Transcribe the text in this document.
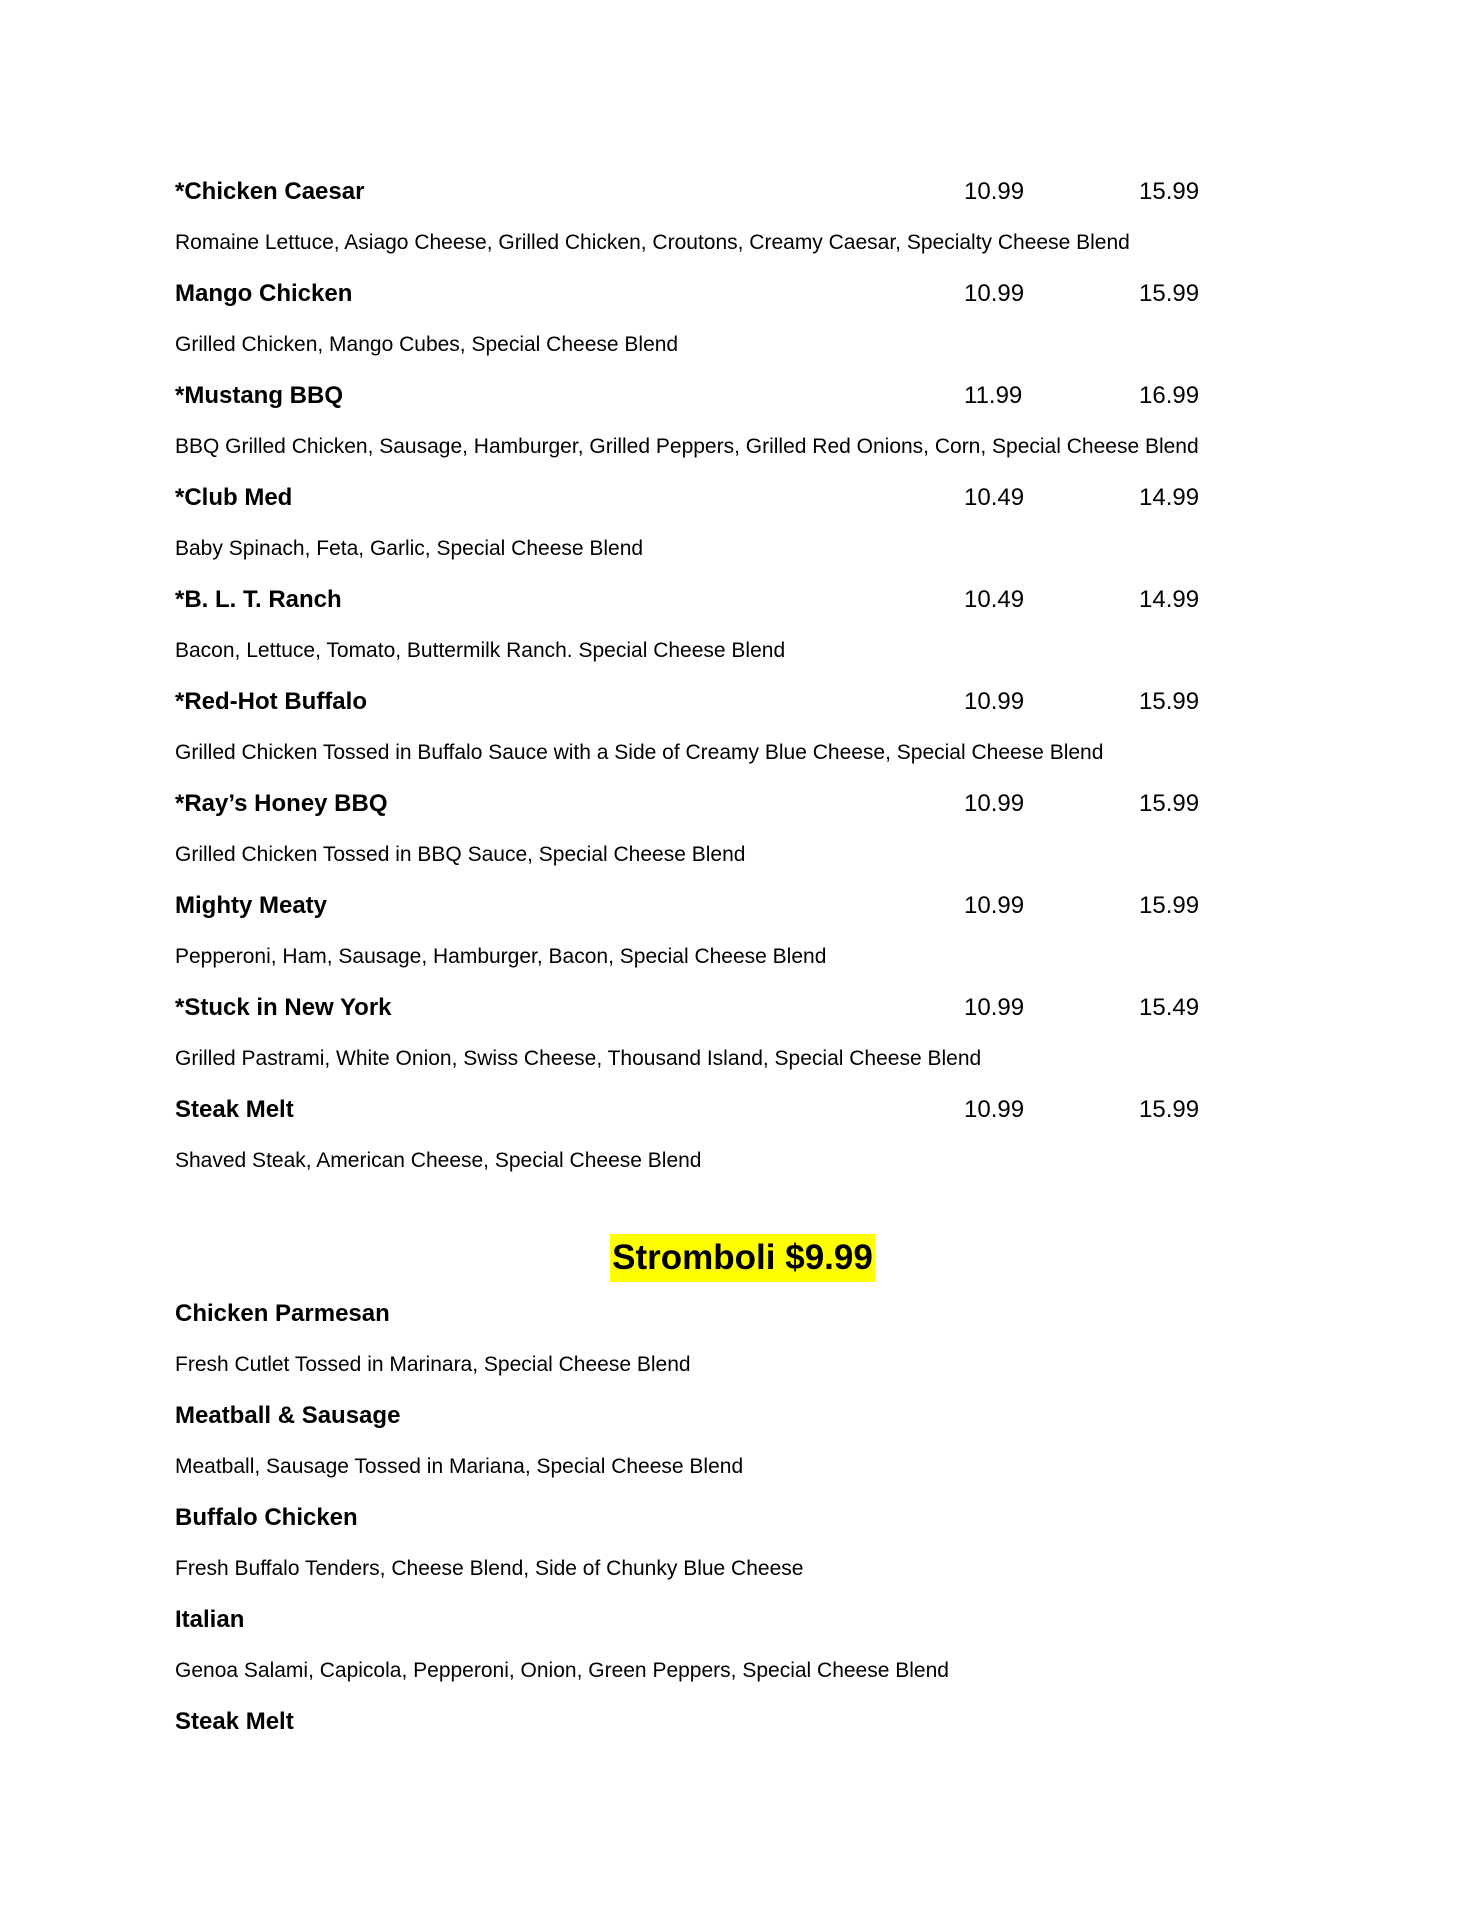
*Chicken Caesar	10.99	15.99
Romaine Lettuce, Asiago Cheese, Grilled Chicken, Croutons, Creamy Caesar, Specialty Cheese Blend
Mango Chicken	10.99	15.99
Grilled Chicken, Mango Cubes, Special Cheese Blend
*Mustang BBQ	11.99	16.99
BBQ Grilled Chicken, Sausage, Hamburger, Grilled Peppers, Grilled Red Onions, Corn, Special Cheese Blend
*Club Med	10.49	14.99
Baby Spinach, Feta, Garlic, Special Cheese Blend
*B. L. T. Ranch	10.49	14.99
Bacon, Lettuce, Tomato, Buttermilk Ranch. Special Cheese Blend
*Red-Hot Buffalo	10.99	15.99
Grilled Chicken Tossed in Buffalo Sauce with a Side of Creamy Blue Cheese, Special Cheese Blend
*Ray’s Honey BBQ	10.99	15.99
Grilled Chicken Tossed in BBQ Sauce, Special Cheese Blend
Mighty Meaty	10.99	15.99
Pepperoni, Ham, Sausage, Hamburger, Bacon, Special Cheese Blend
*Stuck in New York	10.99	15.49
Grilled Pastrami, White Onion, Swiss Cheese, Thousand Island, Special Cheese Blend
Steak Melt	10.99	15.99
Shaved Steak, American Cheese, Special Cheese Blend
Stromboli $9.99
Chicken Parmesan
Fresh Cutlet Tossed in Marinara, Special Cheese Blend
Meatball & Sausage
Meatball, Sausage Tossed in Mariana, Special Cheese Blend
Buffalo Chicken
Fresh Buffalo Tenders, Cheese Blend, Side of Chunky Blue Cheese
Italian
Genoa Salami, Capicola, Pepperoni, Onion, Green Peppers, Special Cheese Blend
Steak Melt
